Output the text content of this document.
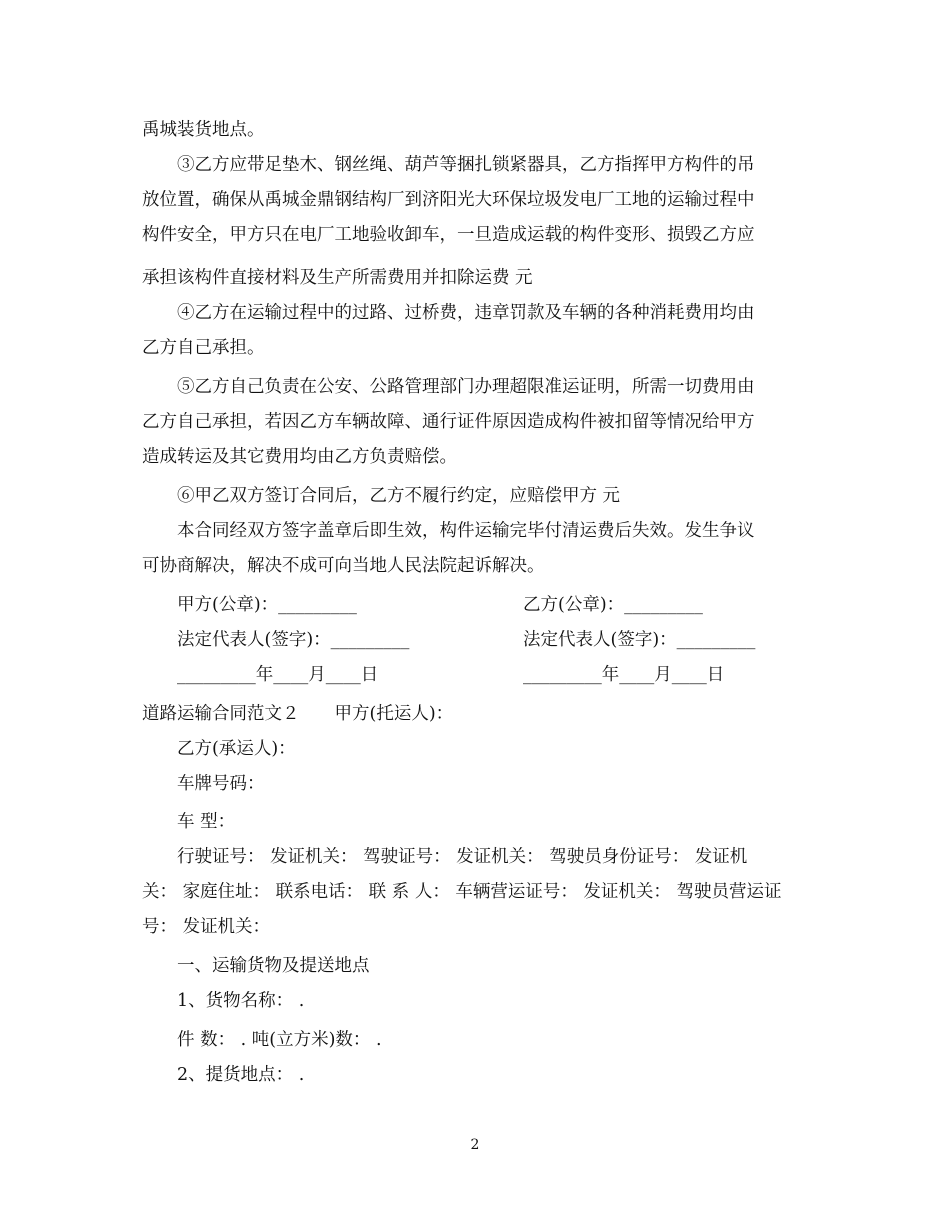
禹城装货地点。
③乙方应带足垫木、钢丝绳、葫芦等捆扎锁紧器具，乙方指挥甲方构件的吊
放位置，确保从禹城金鼎钢结构厂到济阳光大环保垃圾发电厂工地的运输过程中
构件安全，甲方只在电厂工地验收卸车，一旦造成运载的构件变形、损毁乙方应
承担该构件直接材料及生产所需费用并扣除运费 元
④乙方在运输过程中的过路、过桥费，违章罚款及车辆的各种消耗费用均由
乙方自己承担。
⑤乙方自己负责在公安、公路管理部门办理超限准运证明，所需一切费用由
乙方自己承担，若因乙方车辆故障、通行证件原因造成构件被扣留等情况给甲方
造成转运及其它费用均由乙方负责赔偿。
⑥甲乙双方签订合同后，乙方不履行约定，应赔偿甲方 元
本合同经双方签字盖章后即生效，构件运输完毕付清运费后失效。发生争议
可协商解决，解决不成可向当地人民法院起诉解决。
甲方(公章)：_________	乙方(公章)：_________
法定代表人(签字)：_________	法定代表人(签字)：_________
_________年____月____日	_________年____月____日
道路运输合同范文２　　甲方(托运人)：
乙方(承运人)：
车牌号码：
车 型：
行驶证号： 发证机关： 驾驶证号： 发证机关： 驾驶员身份证号： 发证机
关： 家庭住址： 联系电话： 联 系 人： 车辆营运证号： 发证机关： 驾驶员营运证
号： 发证机关：
一、运输货物及提送地点
1、货物名称： .
件 数： . 吨(立方米)数： .
2、提货地点： .
2
